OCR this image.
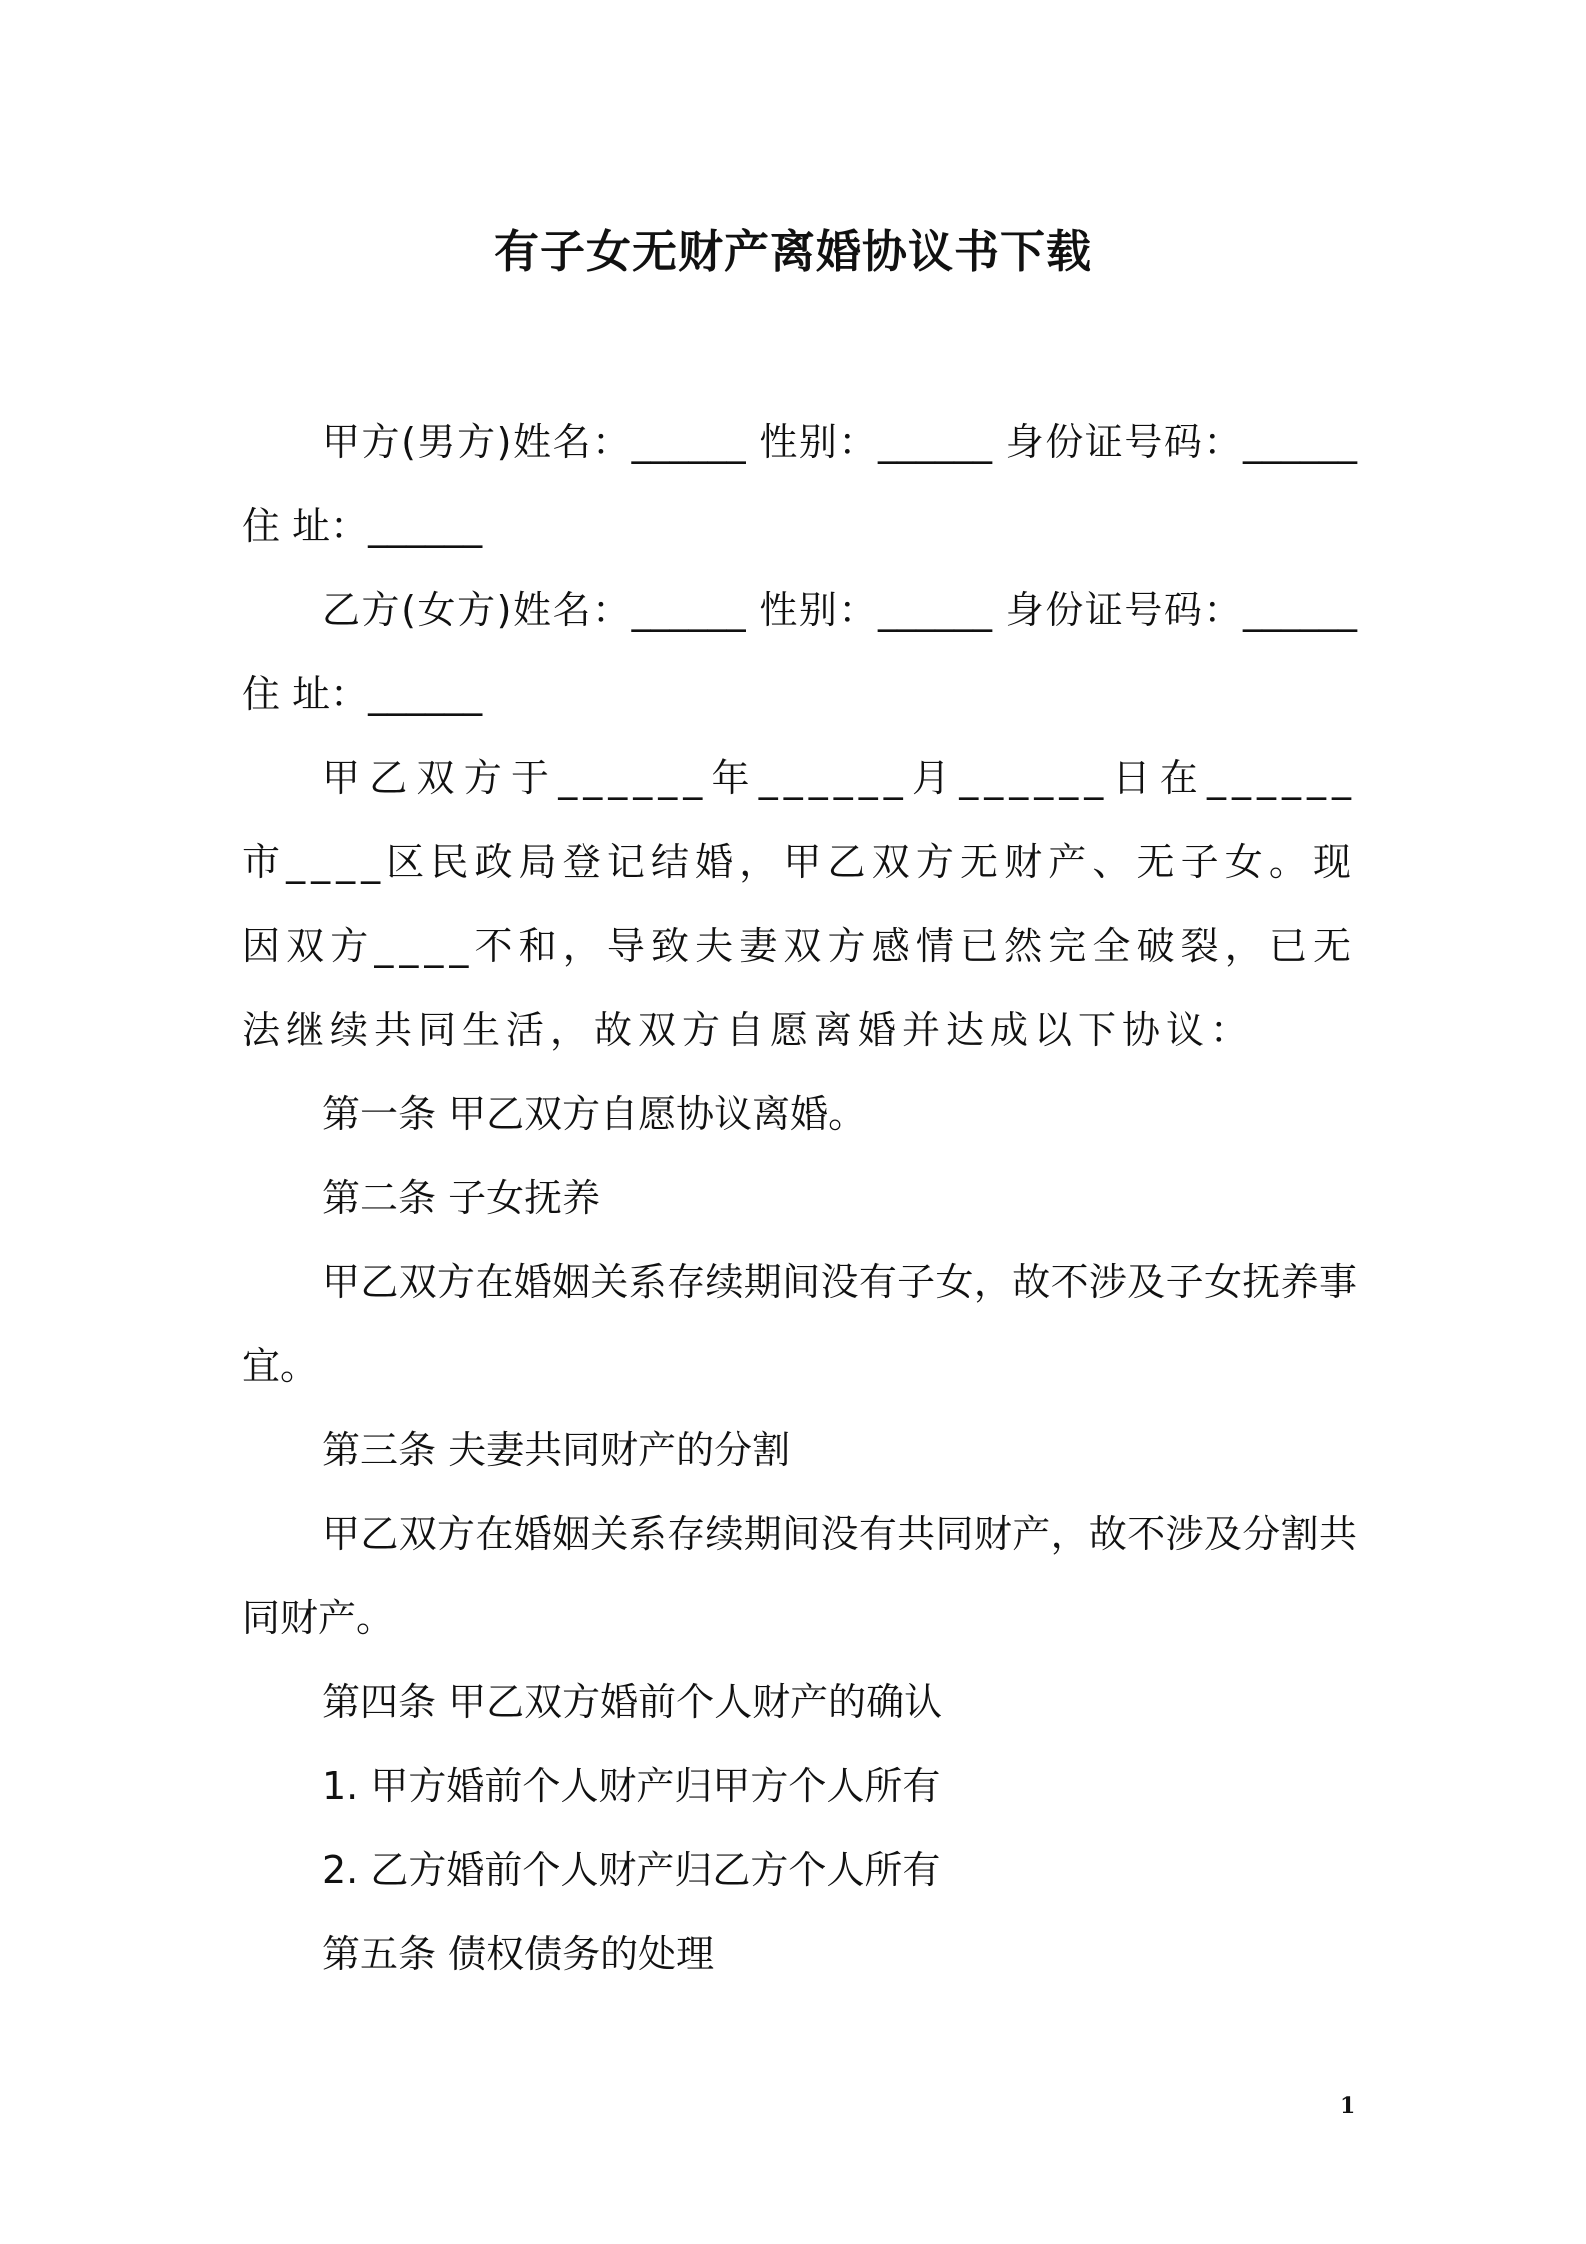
有子女无财产离婚协议书下载

甲方(男方)姓名：______ 性别：______ 身份证号码：______ 住 址：______

乙方(女方)姓名：______ 性别：______ 身份证号码：______ 住 址：______

甲乙双方于______年______月______日在______市____区民政局登记结婚，甲乙双方无财产、无子女。现因双方____不和，导致夫妻双方感情已然完全破裂，已无法继续共同生活，故双方自愿离婚并达成以下协议：

第一条 甲乙双方自愿协议离婚。

第二条 子女抚养

甲乙双方在婚姻关系存续期间没有子女，故不涉及子女抚养事宜。

第三条 夫妻共同财产的分割

甲乙双方在婚姻关系存续期间没有共同财产，故不涉及分割共同财产。

第四条 甲乙双方婚前个人财产的确认

1. 甲方婚前个人财产归甲方个人所有

2. 乙方婚前个人财产归乙方个人所有

第五条 债权债务的处理

1
